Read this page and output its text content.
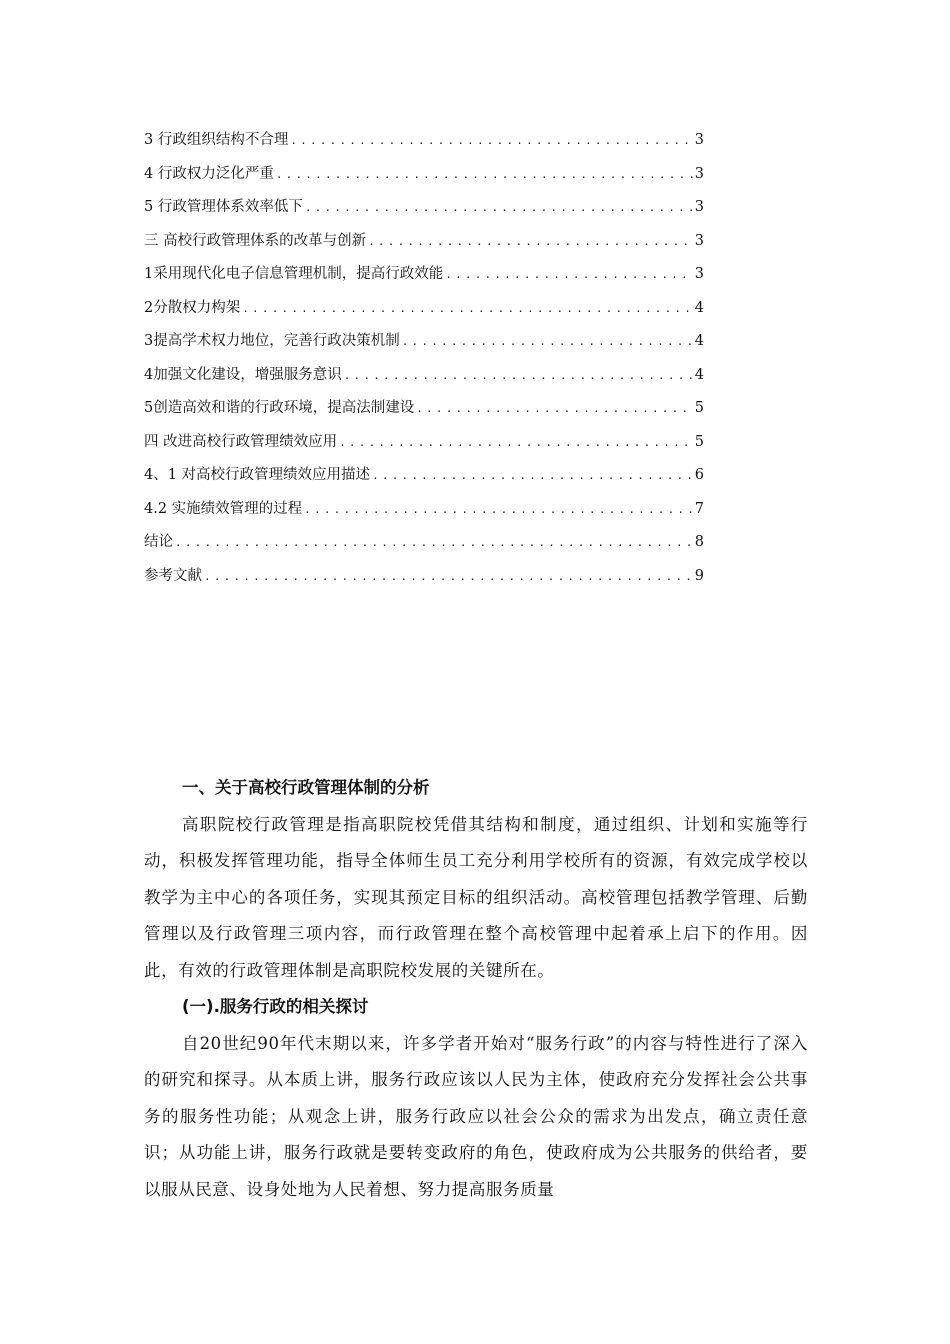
3 行政组织结构不合理 .....	3
4 行政权力泛化严重 .....	3
5 行政管理体系效率低下 .....	3
三 高校行政管理体系的改革与创新 .....	3
1采用现代化电子信息管理机制，提高行政效能 .....	3
2分散权力构架 .....	4
3提高学术权力地位，完善行政决策机制 .....	4
4加强文化建设，增强服务意识 .....	4
5创造高效和谐的行政环境，提高法制建设 .....	5
四 改进高校行政管理绩效应用 .....	5
4、1 对高校行政管理绩效应用描述 .....	6
4.2 实施绩效管理的过程 .....	7
结论 .....	8
参考文献 .....	9
一、关于高校行政管理体制的分析

高职院校行政管理是指高职院校凭借其结构和制度，通过组织、计划和实施等行动，积极发挥管理功能，指导全体师生员工充分利用学校所有的资源，有效完成学校以教学为主中心的各项任务，实现其预定目标的组织活动。高校管理包括教学管理、后勤管理以及行政管理三项内容，而行政管理在整个高校管理中起着承上启下的作用。因此，有效的行政管理体制是高职院校发展的关键所在。

(一).服务行政的相关探讨

自20世纪90年代末期以来，许多学者开始对“服务行政”的内容与特性进行了深入的研究和探寻。从本质上讲，服务行政应该以人民为主体，使政府充分发挥社会公共事务的服务性功能；从观念上讲，服务行政应以社会公众的需求为出发点，确立责任意识；从功能上讲，服务行政就是要转变政府的角色，使政府成为公共服务的供给者，要以服从民意、设身处地为人民着想、努力提高服务质量
